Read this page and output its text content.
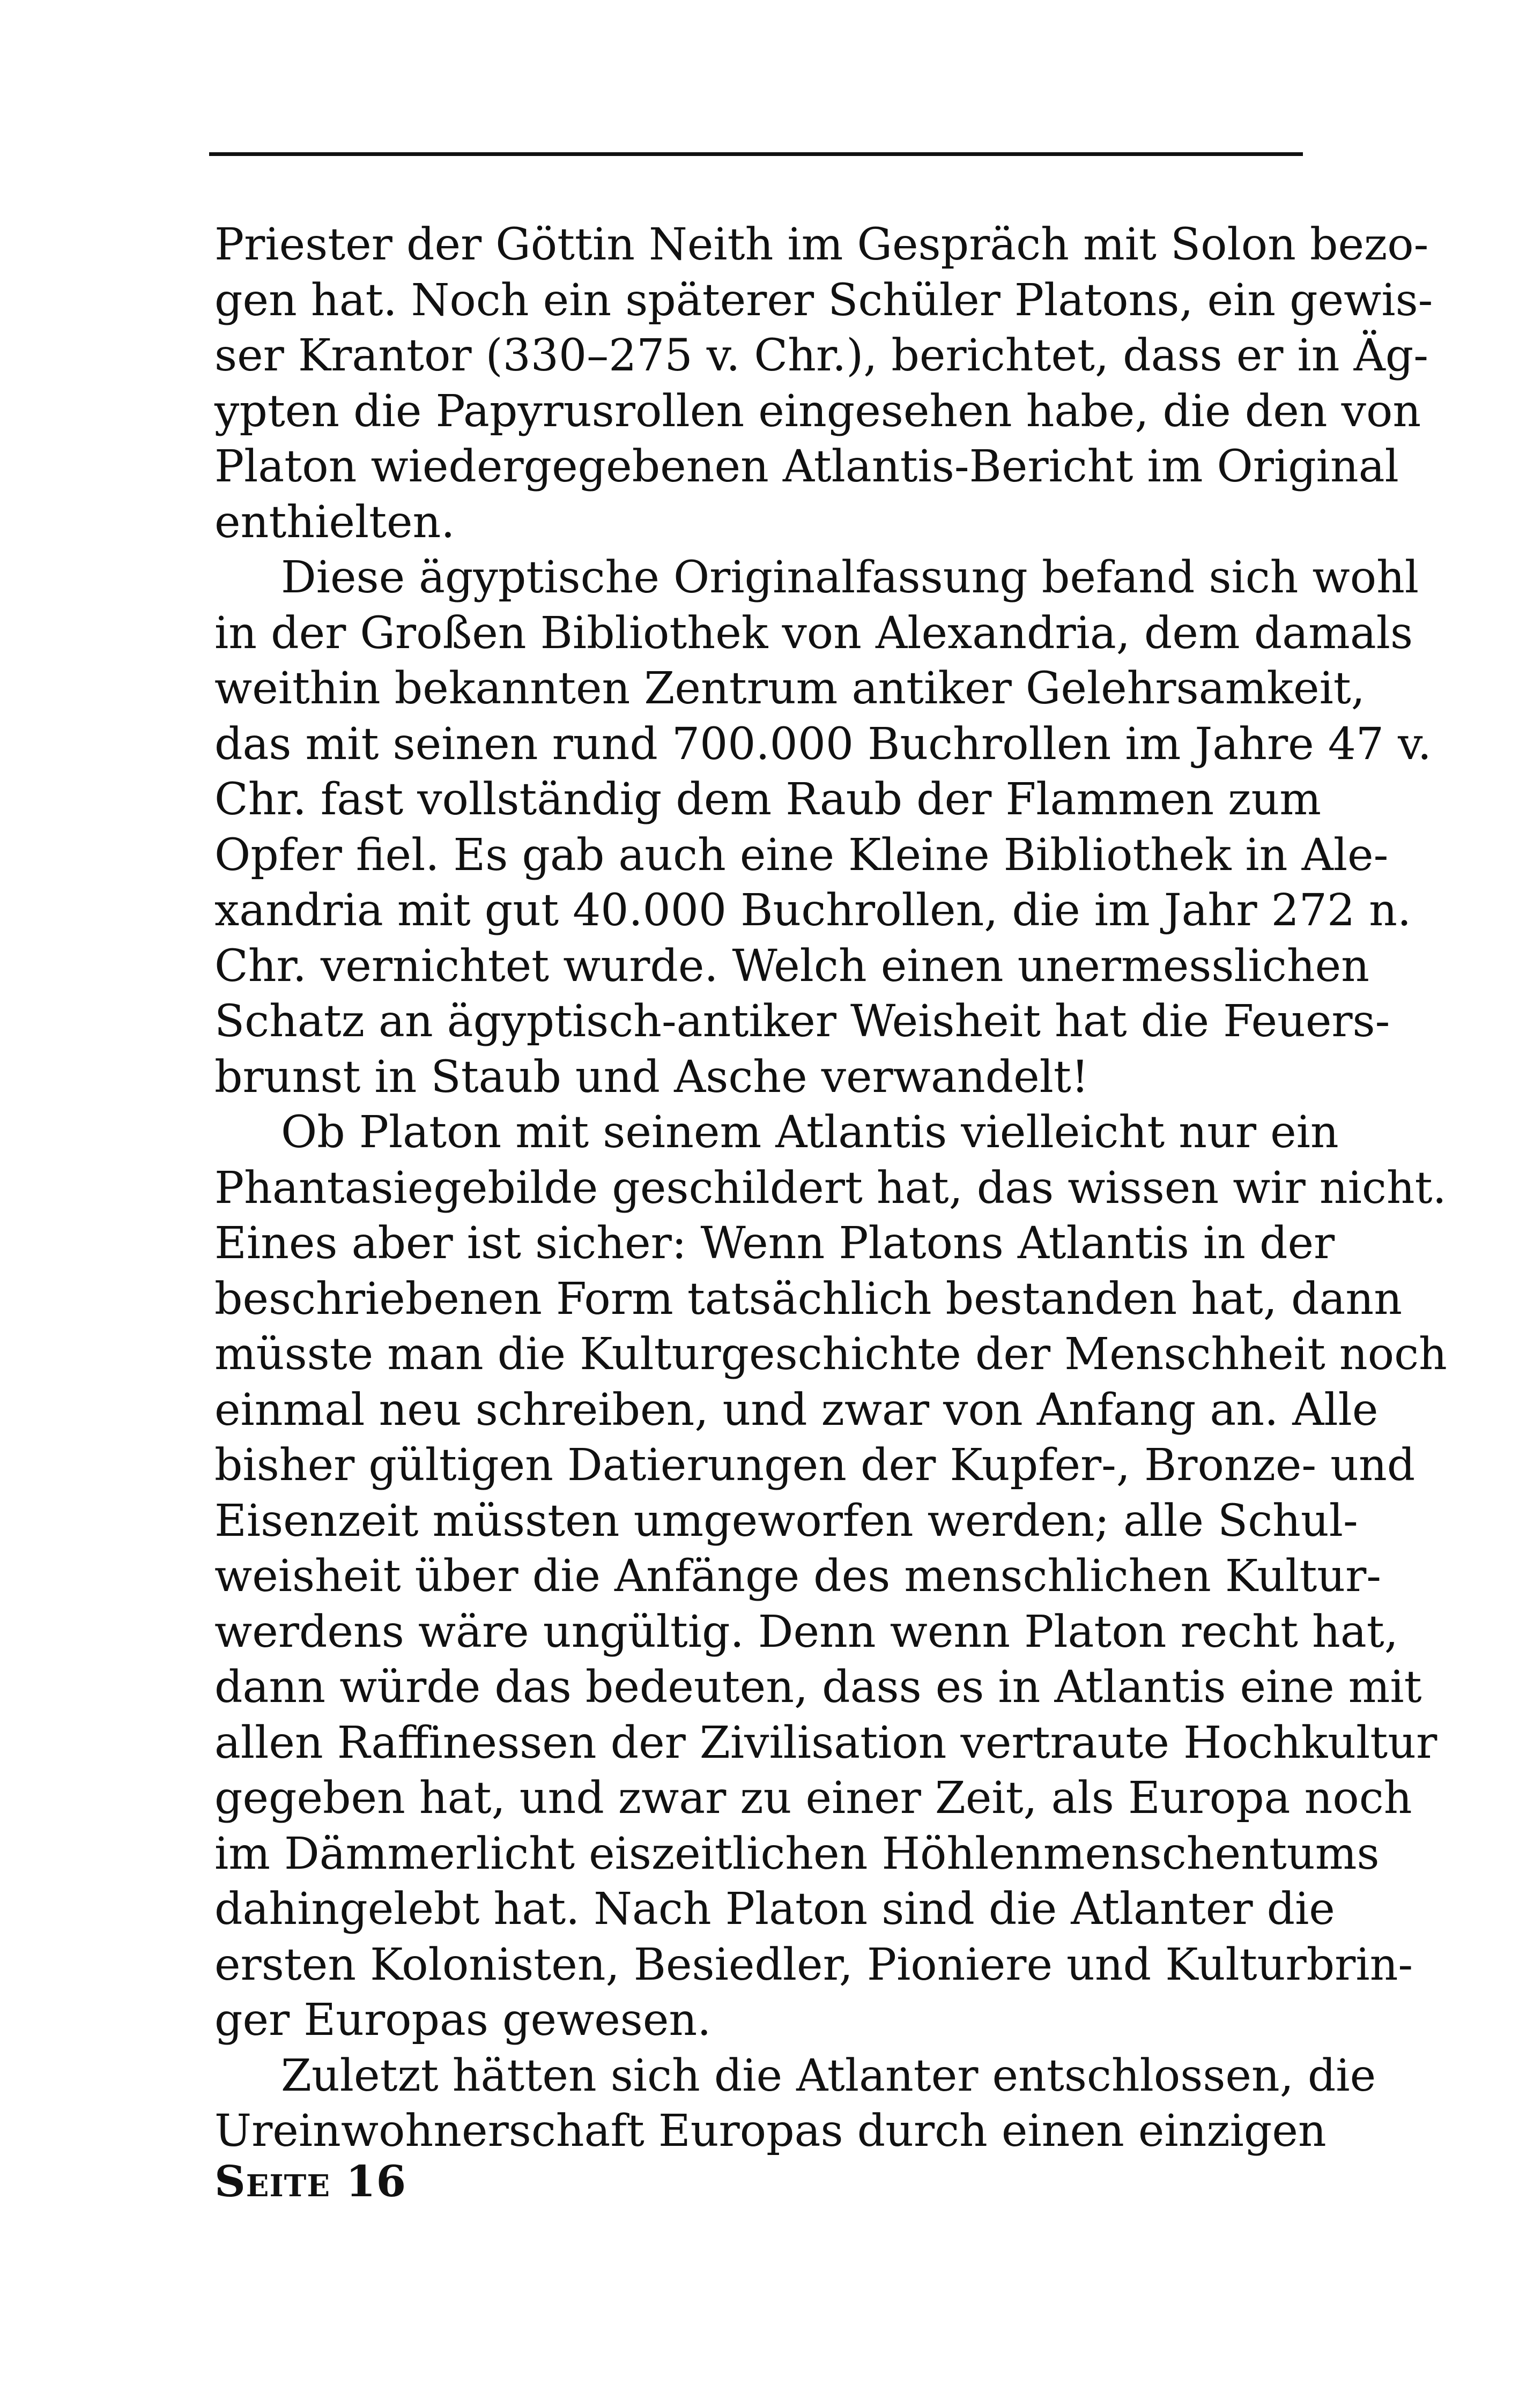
Priester der Göttin Neith im Gespräch mit Solon bezo-
gen hat. Noch ein späterer Schüler Platons, ein gewis-
ser Krantor (330–275 v. Chr.), berichtet, dass er in Äg-
ypten die Papyrusrollen eingesehen habe, die den von
Platon wiedergegebenen Atlantis-Bericht im Original
enthielten.
Diese ägyptische Originalfassung befand sich wohl
in der Großen Bibliothek von Alexandria, dem damals
weithin bekannten Zentrum antiker Gelehrsamkeit,
das mit seinen rund 700.000 Buchrollen im Jahre 47 v.
Chr. fast vollständig dem Raub der Flammen zum
Opfer fiel. Es gab auch eine Kleine Bibliothek in Ale-
xandria mit gut 40.000 Buchrollen, die im Jahr 272 n.
Chr. vernichtet wurde. Welch einen unermesslichen
Schatz an ägyptisch-antiker Weisheit hat die Feuers-
brunst in Staub und Asche verwandelt!
Ob Platon mit seinem Atlantis vielleicht nur ein
Phantasiegebilde geschildert hat, das wissen wir nicht.
Eines aber ist sicher: Wenn Platons Atlantis in der
beschriebenen Form tatsächlich bestanden hat, dann
müsste man die Kulturgeschichte der Menschheit noch
einmal neu schreiben, und zwar von Anfang an. Alle
bisher gültigen Datierungen der Kupfer-, Bronze- und
Eisenzeit müssten umgeworfen werden; alle Schul-
weisheit über die Anfänge des menschlichen Kultur-
werdens wäre ungültig. Denn wenn Platon recht hat,
dann würde das bedeuten, dass es in Atlantis eine mit
allen Raffinessen der Zivilisation vertraute Hochkultur
gegeben hat, und zwar zu einer Zeit, als Europa noch
im Dämmerlicht eiszeitlichen Höhlenmenschentums
dahingelebt hat. Nach Platon sind die Atlanter die
ersten Kolonisten, Besiedler, Pioniere und Kulturbrin-
ger Europas gewesen.
Zuletzt hätten sich die Atlanter entschlossen, die
Ureinwohnerschaft Europas durch einen einzigen
Seite 16
